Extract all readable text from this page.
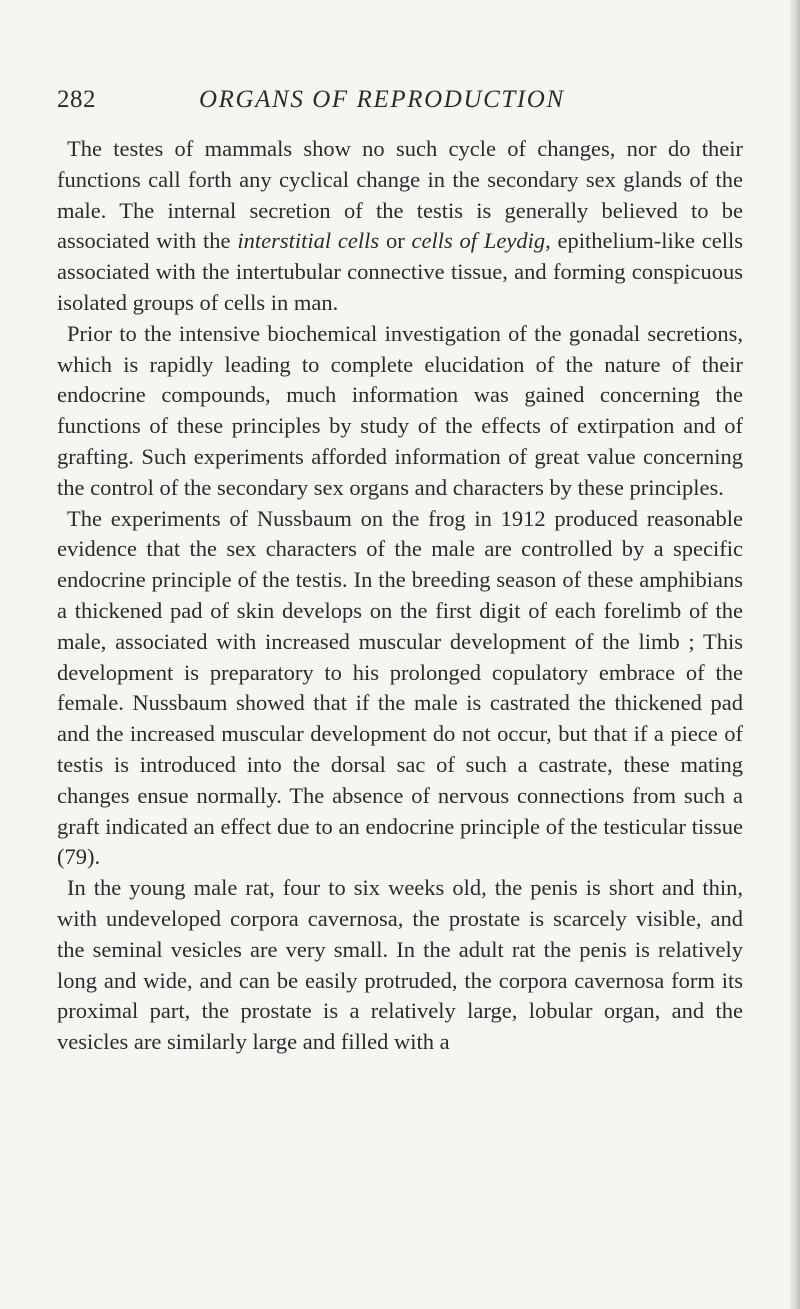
282	ORGANS OF REPRODUCTION

The testes of mammals show no such cycle of changes, nor do their functions call forth any cyclical change in the secondary sex glands of the male. The internal secretion of the testis is generally believed to be associated with the interstitial cells or cells of Leydig, epithelium-like cells associated with the intertubular connective tissue, and forming conspicuous isolated groups of cells in man.

Prior to the intensive biochemical investigation of the gonadal secretions, which is rapidly leading to complete elucidation of the nature of their endocrine compounds, much information was gained concerning the functions of these principles by study of the effects of extirpation and of grafting. Such experiments afforded information of great value concerning the control of the secondary sex organs and characters by these principles.

The experiments of Nussbaum on the frog in 1912 produced reasonable evidence that the sex characters of the male are controlled by a specific endocrine principle of the testis. In the breeding season of these amphibians a thickened pad of skin develops on the first digit of each forelimb of the male, associated with increased muscular development of the limb ; This development is preparatory to his prolonged copulatory embrace of the female. Nussbaum showed that if the male is castrated the thickened pad and the increased muscular development do not occur, but that if a piece of testis is introduced into the dorsal sac of such a castrate, these mating changes ensue normally. The absence of nervous connections from such a graft indicated an effect due to an endocrine principle of the testicular tissue (79).

In the young male rat, four to six weeks old, the penis is short and thin, with undeveloped corpora cavernosa, the prostate is scarcely visible, and the seminal vesicles are very small. In the adult rat the penis is relatively long and wide, and can be easily protruded, the corpora cavernosa form its proximal part, the prostate is a relatively large, lobular organ, and the vesicles are similarly large and filled with a
